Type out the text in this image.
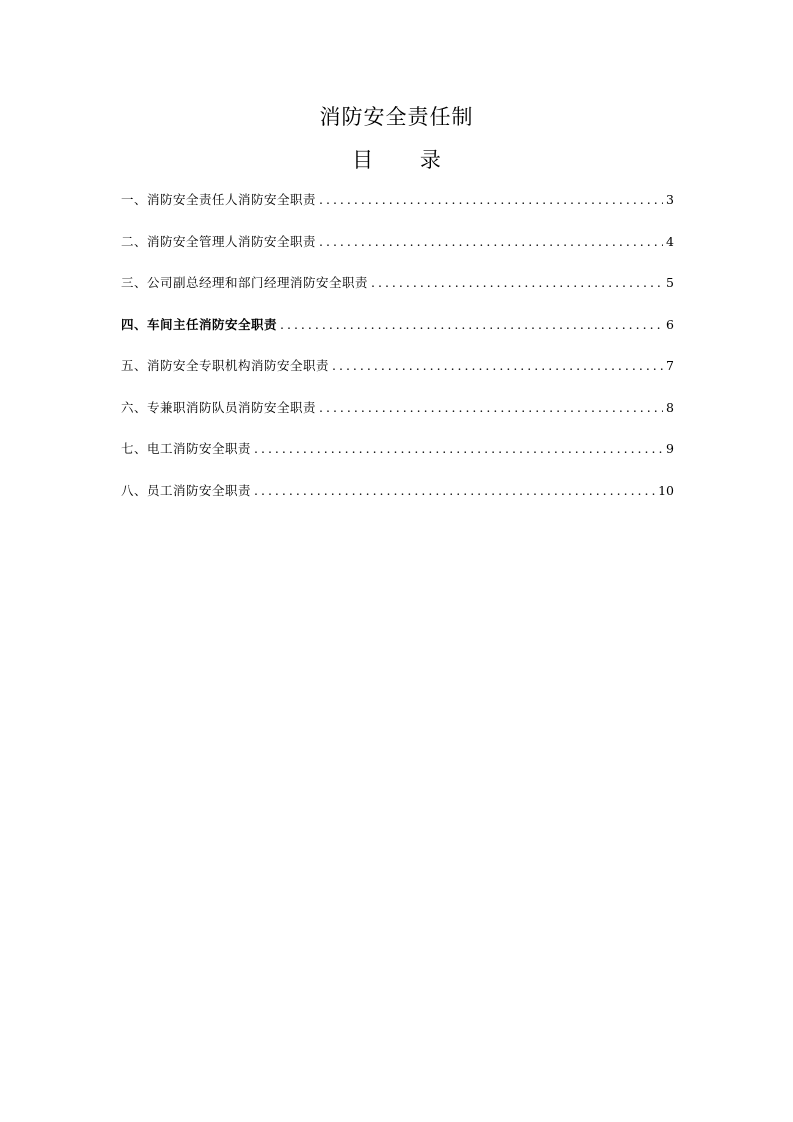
消防安全责任制
目 录
一、消防安全责任人消防安全职责 .....	3
二、消防安全管理人消防安全职责 .....	4
三、公司副总经理和部门经理消防安全职责 .....	5
四、车间主任消防安全职责 .....	6
五、消防安全专职机构消防安全职责 .....	7
六、专兼职消防队员消防安全职责 .....	8
七、电工消防安全职责 .....	9
八、员工消防安全职责 .....	10
